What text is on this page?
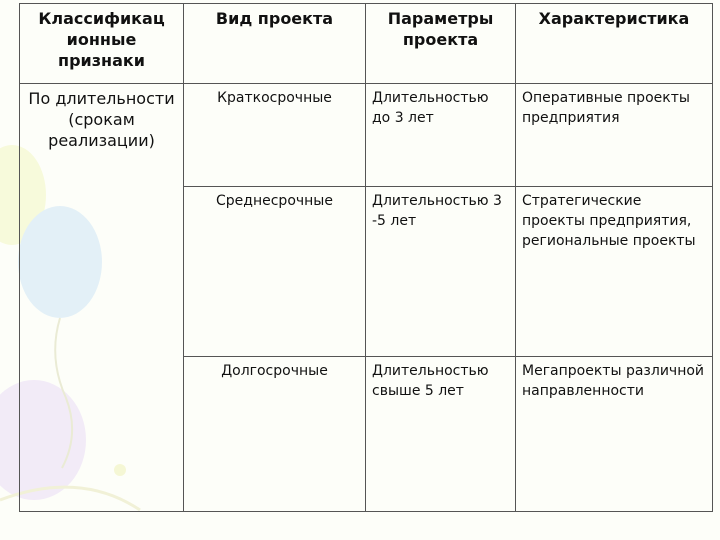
Классификац ионные признаки	Вид проекта	Параметры проекта	Характеристика
По длительности (срокам реализации)	Краткосрочные	Длительностью до 3 лет	Оперативные проекты предприятия
	Среднесрочные	Длительностью 3 -5 лет	Стратегические проекты предприятия, региональные проекты
	Долгосрочные	Длительностью свыше 5 лет	Мегапроекты различной направленности
